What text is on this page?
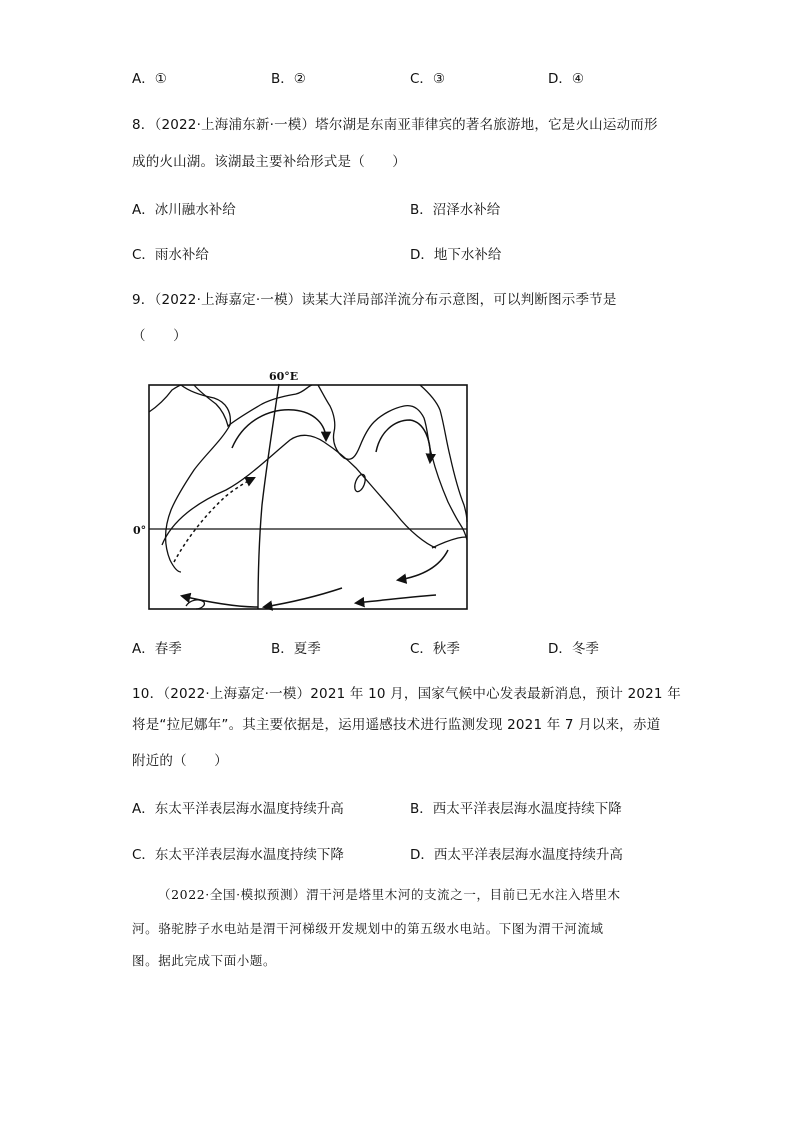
A．①	B．②	C．③	D．④
8．（2022·上海浦东新·一模）塔尔湖是东南亚菲律宾的著名旅游地，它是火山运动而形
成的火山湖。该湖最主要补给形式是（　　）
A．冰川融水补给	B．沼泽水补给
C．雨水补给	D．地下水补给
9．（2022·上海嘉定·一模）读某大洋局部洋流分布示意图，可以判断图示季节是
（　　）
60°E
0°
A．春季	B．夏季	C．秋季	D．冬季
10．（2022·上海嘉定·一模）2021 年 10 月，国家气候中心发表最新消息，预计 2021 年
将是“拉尼娜年”。其主要依据是，运用遥感技术进行监测发现 2021 年 7 月以来，赤道
附近的（　　）
A．东太平洋表层海水温度持续升高	B．西太平洋表层海水温度持续下降
C．东太平洋表层海水温度持续下降	D．西太平洋表层海水温度持续升高
（2022·全国·模拟预测）渭干河是塔里木河的支流之一，目前已无水注入塔里木
河。骆驼脖子水电站是渭干河梯级开发规划中的第五级水电站。下图为渭干河流域
图。据此完成下面小题。
